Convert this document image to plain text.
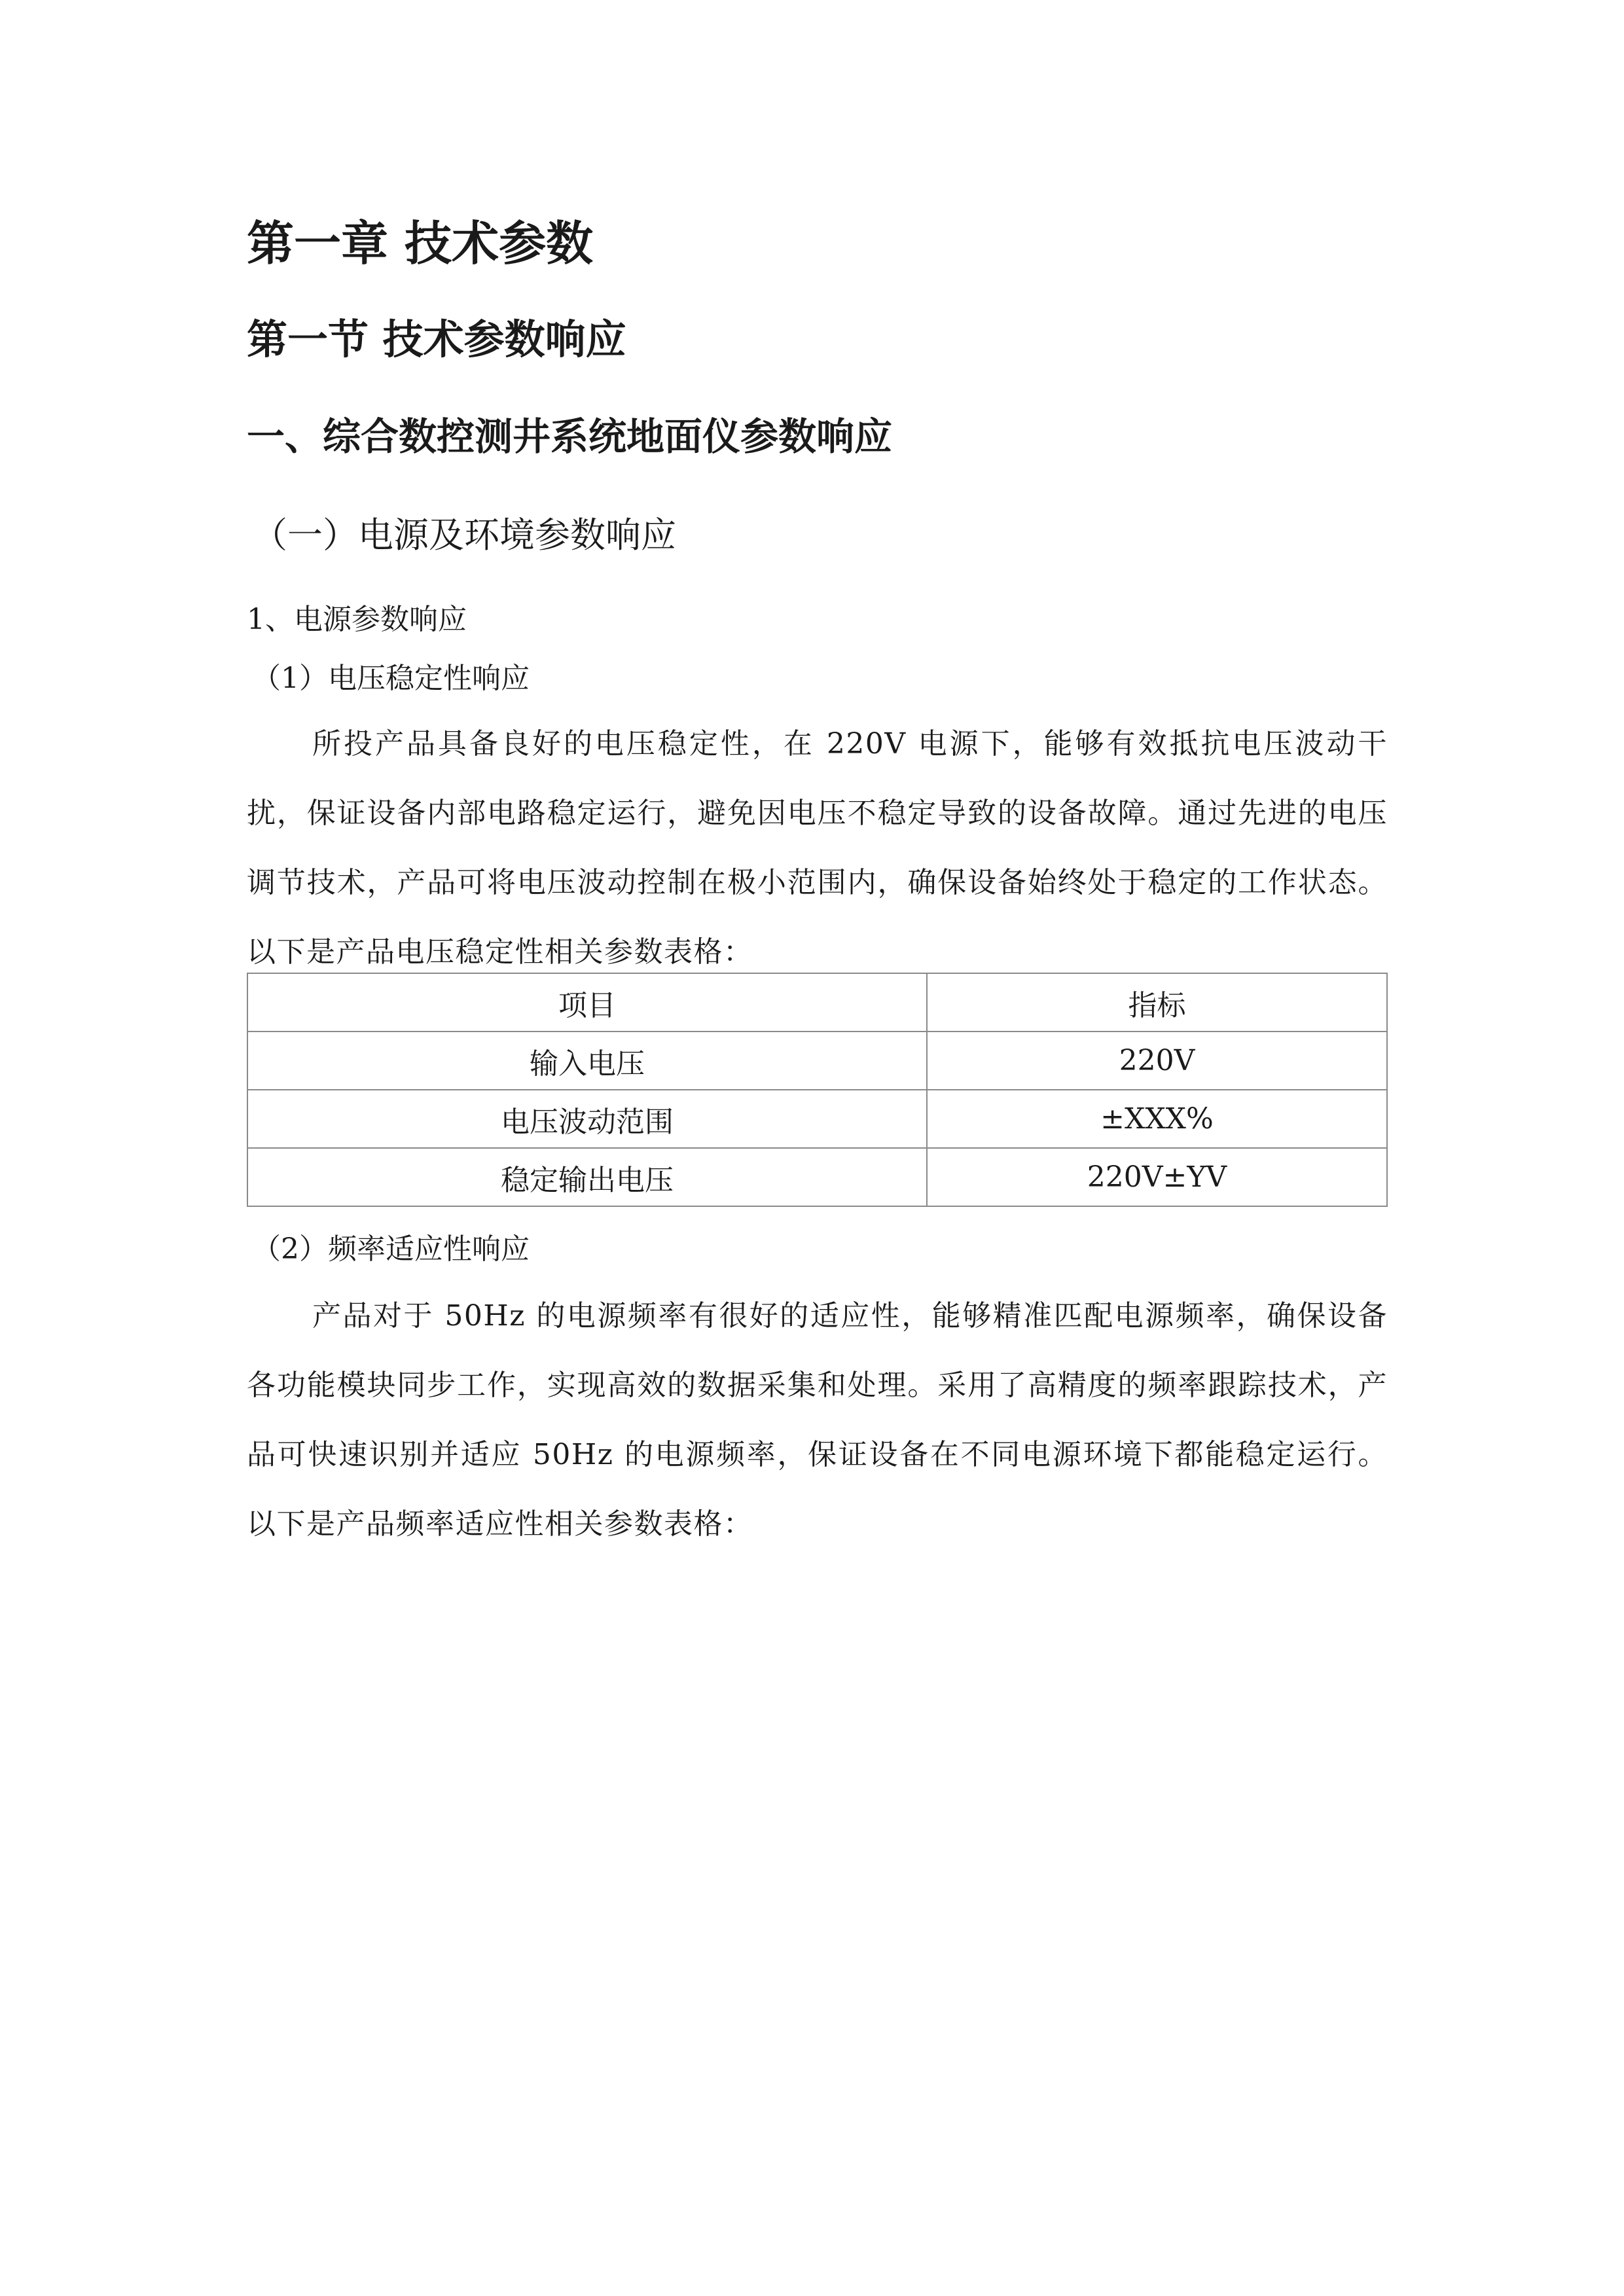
第一章 技术参数
第一节 技术参数响应
一、综合数控测井系统地面仪参数响应
（一）电源及环境参数响应
1、电源参数响应
（1）电压稳定性响应

所投产品具备良好的电压稳定性，在 220V 电源下，能够有效抵抗电压波动干扰，保证设备内部电路稳定运行，避免因电压不稳定导致的设备故障。通过先进的电压调节技术，产品可将电压波动控制在极小范围内，确保设备始终处于稳定的工作状态。以下是产品电压稳定性相关参数表格：

项目	指标
输入电压	220V
电压波动范围	±XXX%
稳定输出电压	220V±YV
（2）频率适应性响应

产品对于 50Hz 的电源频率有很好的适应性，能够精准匹配电源频率，确保设备各功能模块同步工作，实现高效的数据采集和处理。采用了高精度的频率跟踪技术，产品可快速识别并适应 50Hz 的电源频率，保证设备在不同电源环境下都能稳定运行。以下是产品频率适应性相关参数表格：
